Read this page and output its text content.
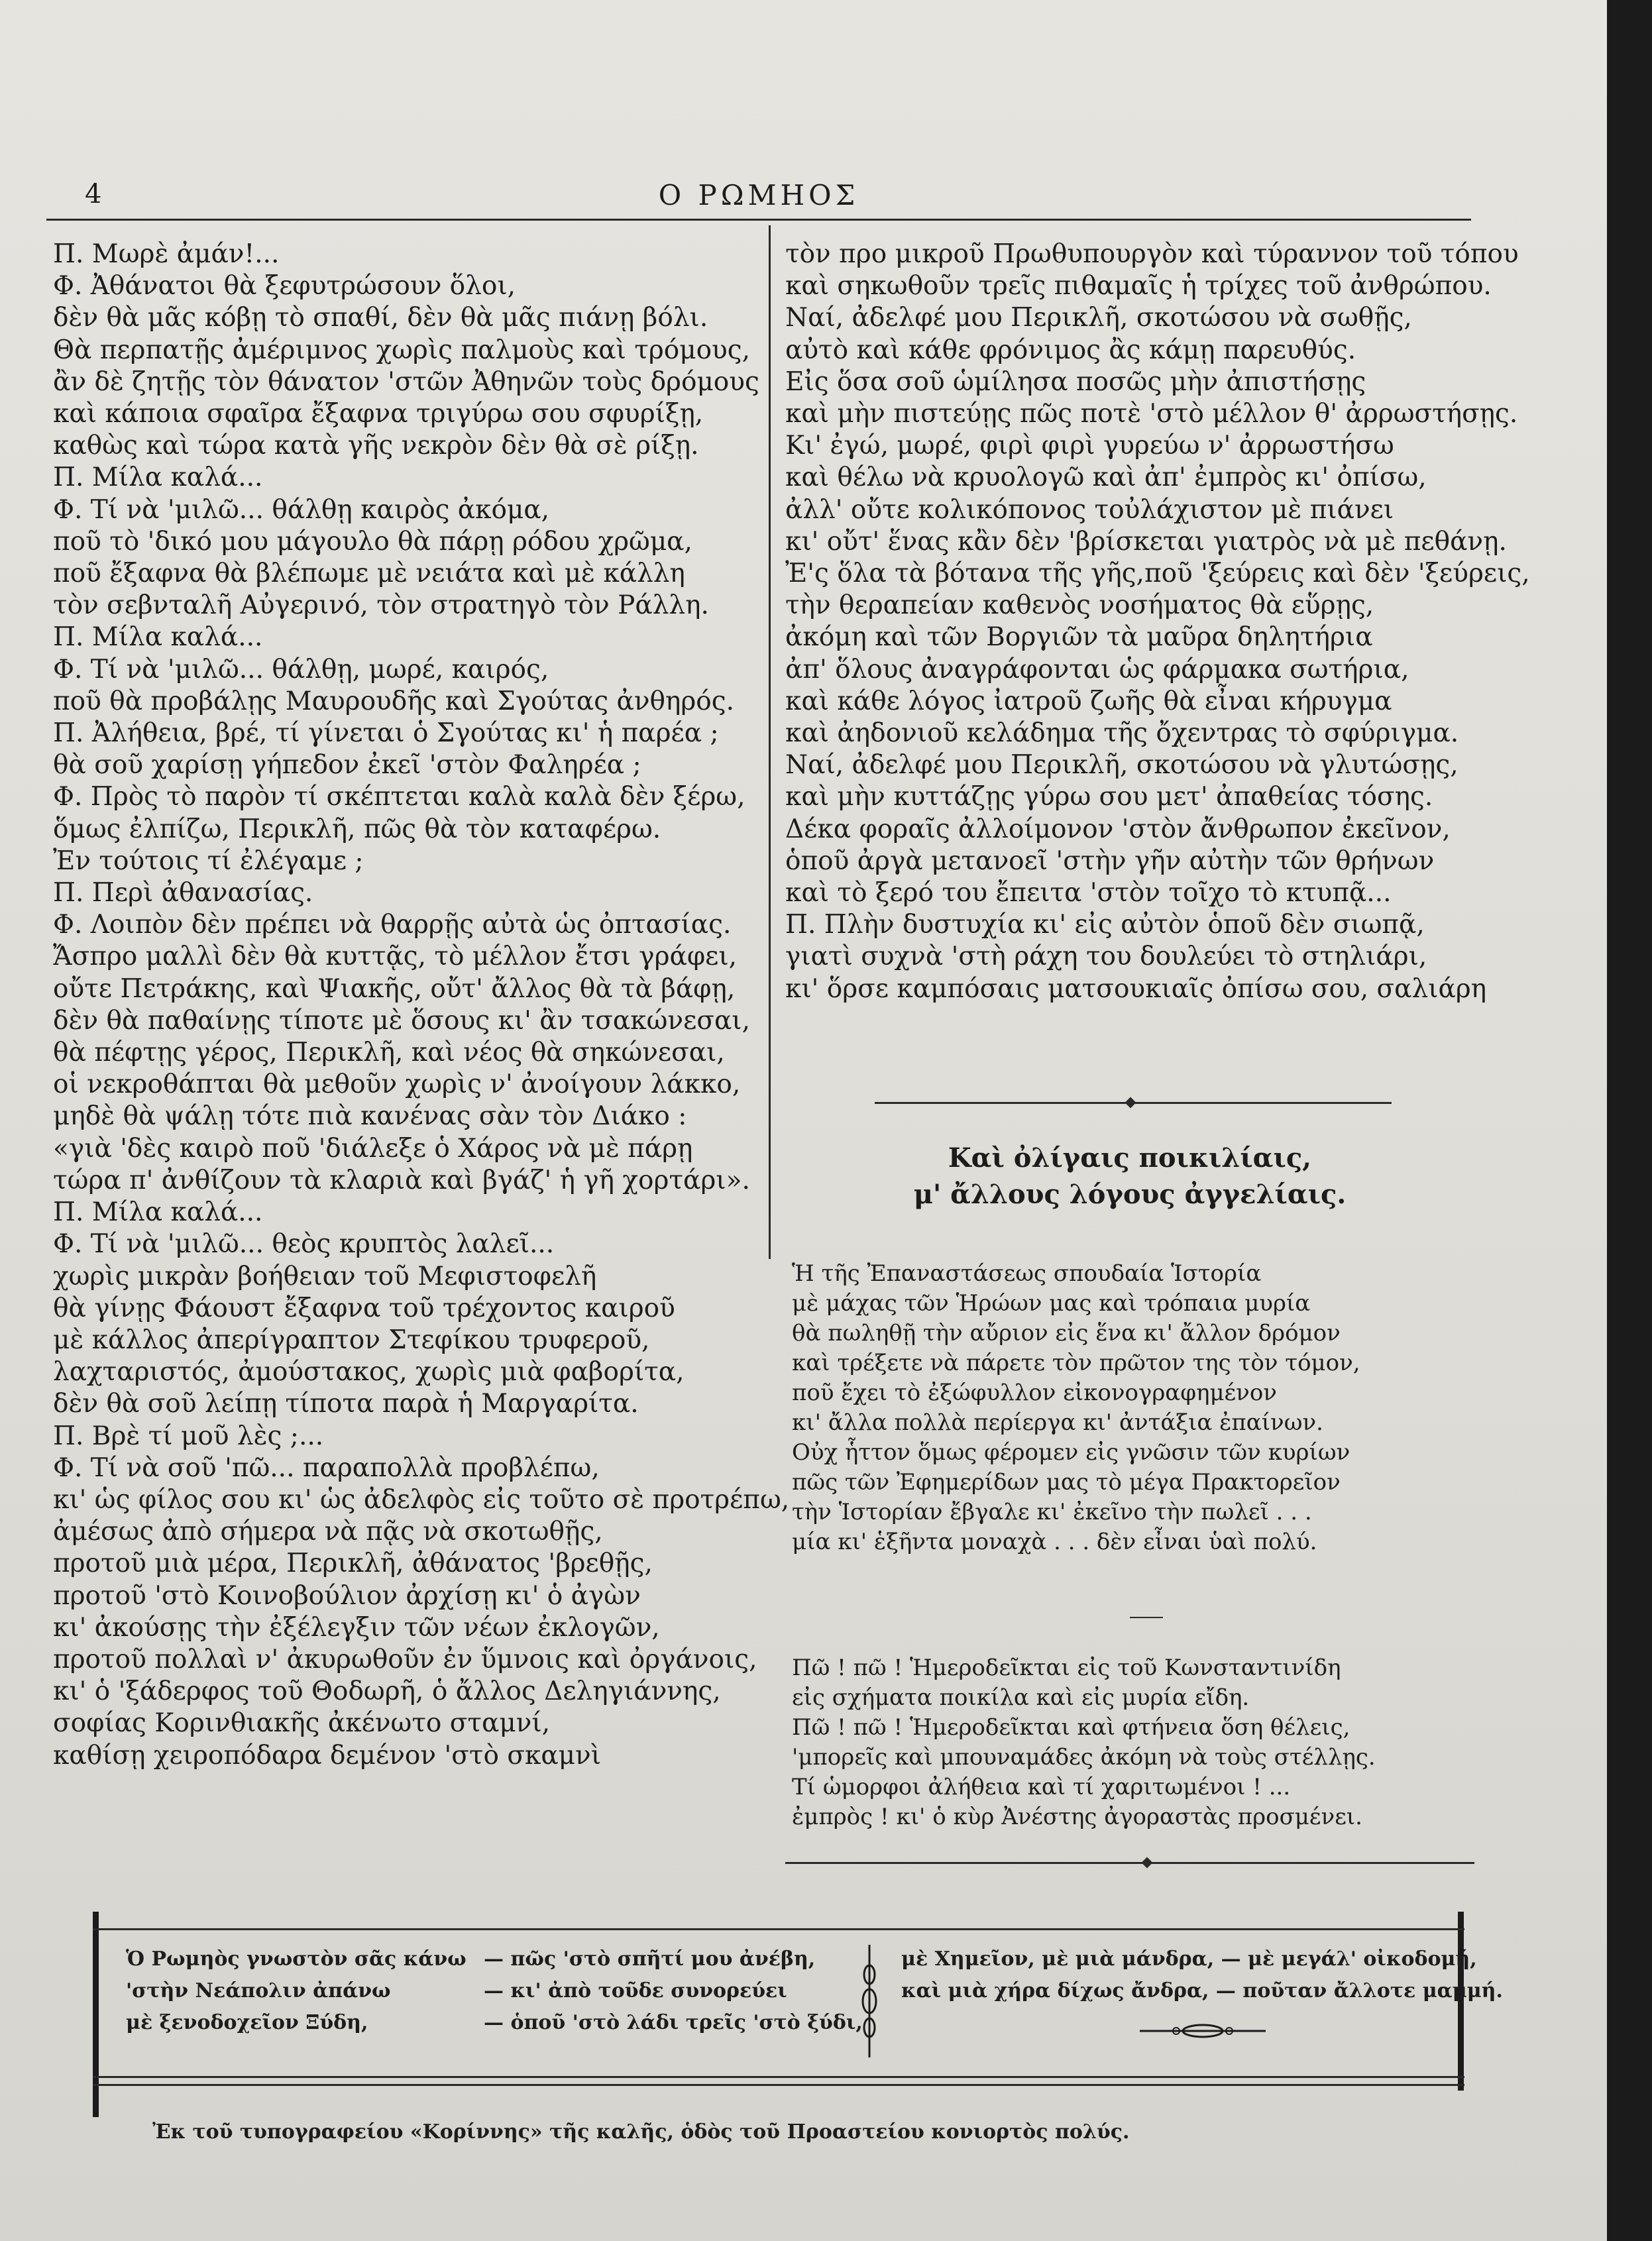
4	Ο ΡΩΜΗΟΣ
Π. Μωρὲ ἀμάν!...
Φ. Ἀθάνατοι θὰ ξεφυτρώσουν ὅλοι,
δὲν θὰ μᾶς κόβῃ τὸ σπαθί, δὲν θὰ μᾶς πιάνῃ βόλι.
Θὰ περπατῇς ἀμέριμνος χωρὶς παλμοὺς καὶ τρόμους,
ἂν δὲ ζητῇς τὸν θάνατον 'στῶν Ἀθηνῶν τοὺς δρόμους
καὶ κάποια σφαῖρα ἔξαφνα τριγύρω σου σφυρίξῃ,
καθὼς καὶ τώρα κατὰ γῆς νεκρὸν δὲν θὰ σὲ ρίξῃ.
Π. Μίλα καλά...
Φ. Τί νὰ 'μιλῶ... θάλθῃ καιρὸς ἀκόμα,
ποῦ τὸ 'δικό μου μάγουλο θὰ πάρῃ ρόδου χρῶμα,
ποῦ ἔξαφνα θὰ βλέπωμε μὲ νειάτα καὶ μὲ κάλλη
τὸν σεβνταλῆ Αὐγερινό, τὸν στρατηγὸ τὸν Ράλλη.
Π. Μίλα καλά...
Φ. Τί νὰ 'μιλῶ... θάλθῃ, μωρέ, καιρός,
ποῦ θὰ προβάλῃς Μαυρουδῆς καὶ Σγούτας ἀνθηρός.
Π. Ἀλήθεια, βρέ, τί γίνεται ὁ Σγούτας κι' ἡ παρέα ;
θὰ σοῦ χαρίσῃ γήπεδον ἐκεῖ 'στὸν Φαληρέα ;
Φ. Πρὸς τὸ παρὸν τί σκέπτεται καλὰ καλὰ δὲν ξέρω,
ὅμως ἐλπίζω, Περικλῆ, πῶς θὰ τὸν καταφέρω.
Ἐν τούτοις τί ἐλέγαμε ;
Π. Περὶ ἀθανασίας.
Φ. Λοιπὸν δὲν πρέπει νὰ θαρρῇς αὐτὰ ὡς ὀπτασίας.
Ἄσπρο μαλλὶ δὲν θὰ κυττᾷς, τὸ μέλλον ἔτσι γράφει,
οὔτε Πετράκης, καὶ Ψιακῆς, οὔτ' ἄλλος θὰ τὰ βάφῃ,
δὲν θὰ παθαίνῃς τίποτε μὲ ὅσους κι' ἂν τσακώνεσαι,
θὰ πέφτῃς γέρος, Περικλῆ, καὶ νέος θὰ σηκώνεσαι,
οἱ νεκροθάπται θὰ μεθοῦν χωρὶς ν' ἀνοίγουν λάκκο,
μηδὲ θὰ ψάλῃ τότε πιὰ κανένας σὰν τὸν Διάκο :
«γιὰ 'δὲς καιρὸ ποῦ 'διάλεξε ὁ Χάρος νὰ μὲ πάρῃ
τώρα π' ἀνθίζουν τὰ κλαριὰ καὶ βγάζ' ἡ γῆ χορτάρι».
Π. Μίλα καλά...
Φ. Τί νὰ 'μιλῶ... θεὸς κρυπτὸς λαλεῖ...
χωρὶς μικρὰν βοήθειαν τοῦ Μεφιστοφελῆ
θὰ γίνῃς Φάουστ ἔξαφνα τοῦ τρέχοντος καιροῦ
μὲ κάλλος ἀπερίγραπτον Στεφίκου τρυφεροῦ,
λαχταριστός, ἀμούστακος, χωρὶς μιὰ φαβορίτα,
δὲν θὰ σοῦ λείπῃ τίποτα παρὰ ἡ Μαργαρίτα.
Π. Βρὲ τί μοῦ λὲς ;...
Φ. Τί νὰ σοῦ 'πῶ... παραπολλὰ προβλέπω,
κι' ὡς φίλος σου κι' ὡς ἀδελφὸς εἰς τοῦτο σὲ προτρέπω,
ἀμέσως ἀπὸ σήμερα νὰ πᾷς νὰ σκοτωθῇς,
προτοῦ μιὰ μέρα, Περικλῆ, ἀθάνατος 'βρεθῇς,
προτοῦ 'στὸ Κοινοβούλιον ἀρχίσῃ κι' ὁ ἀγὼν
κι' ἀκούσῃς τὴν ἐξέλεγξιν τῶν νέων ἐκλογῶν,
προτοῦ πολλαὶ ν' ἀκυρωθοῦν ἐν ὕμνοις καὶ ὀργάνοις,
κι' ὁ 'ξάδερφος τοῦ Θοδωρῆ, ὁ ἄλλος Δεληγιάννης,
σοφίας Κορινθιακῆς ἀκένωτο σταμνί,
καθίσῃ χειροπόδαρα δεμένον 'στὸ σκαμνὶ
τὸν προ μικροῦ Πρωθυπουργὸν καὶ τύραννον τοῦ τόπου
καὶ σηκωθοῦν τρεῖς πιθαμαῖς ἡ τρίχες τοῦ ἀνθρώπου.
Ναί, ἀδελφέ μου Περικλῆ, σκοτώσου νὰ σωθῇς,
αὐτὸ καὶ κάθε φρόνιμος ἂς κάμῃ παρευθύς.
Εἰς ὅσα σοῦ ὡμίλησα ποσῶς μὴν ἀπιστήσῃς
καὶ μὴν πιστεύῃς πῶς ποτὲ 'στὸ μέλλον θ' ἀρρωστήσῃς.
Κι' ἐγώ, μωρέ, φιρὶ φιρὶ γυρεύω ν' ἀρρωστήσω
καὶ θέλω νὰ κρυολογῶ καὶ ἀπ' ἐμπρὸς κι' ὀπίσω,
ἀλλ' οὔτε κολικόπονος τοὐλάχιστον μὲ πιάνει
κι' οὔτ' ἕνας κἂν δὲν 'βρίσκεται γιατρὸς νὰ μὲ πεθάνῃ.
Ἐ'ς ὅλα τὰ βότανα τῆς γῆς,ποῦ 'ξεύρεις καὶ δὲν 'ξεύρεις,
τὴν θεραπείαν καθενὸς νοσήματος θὰ εὕρῃς,
ἀκόμη καὶ τῶν Βοργιῶν τὰ μαῦρα δηλητήρια
ἀπ' ὅλους ἀναγράφονται ὡς φάρμακα σωτήρια,
καὶ κάθε λόγος ἰατροῦ ζωῆς θὰ εἶναι κήρυγμα
καὶ ἀηδονιοῦ κελάδημα τῆς ὄχεντρας τὸ σφύριγμα.
Ναί, ἀδελφέ μου Περικλῆ, σκοτώσου νὰ γλυτώσῃς,
καὶ μὴν κυττάζῃς γύρω σου μετ' ἀπαθείας τόσης.
Δέκα φοραῖς ἀλλοίμονον 'στὸν ἄνθρωπον ἐκεῖνον,
ὁποῦ ἀργὰ μετανοεῖ 'στὴν γῆν αὐτὴν τῶν θρήνων
καὶ τὸ ξερό του ἔπειτα 'στὸν τοῖχο τὸ κτυπᾷ...
Π. Πλὴν δυστυχία κι' εἰς αὐτὸν ὁποῦ δὲν σιωπᾷ,
γιατὶ συχνὰ 'στὴ ράχη του δουλεύει τὸ στηλιάρι,
κι' ὅρσε καμπόσαις ματσουκιαῖς ὀπίσω σου, σαλιάρη
Καὶ ὀλίγαις ποικιλίαις,
μ' ἄλλους λόγους ἀγγελίαις.
Ἡ τῆς Ἐπαναστάσεως σπουδαία Ἱστορία
μὲ μάχας τῶν Ἡρώων μας καὶ τρόπαια μυρία
θὰ πωληθῇ τὴν αὔριον εἰς ἕνα κι' ἄλλον δρόμον
καὶ τρέξετε νὰ πάρετε τὸν πρῶτον της τὸν τόμον,
ποῦ ἔχει τὸ ἐξώφυλλον εἰκονογραφημένον
κι' ἄλλα πολλὰ περίεργα κι' ἀντάξια ἐπαίνων.
Οὐχ ἧττον ὅμως φέρομεν εἰς γνῶσιν τῶν κυρίων
πῶς τῶν Ἐφημερίδων μας τὸ μέγα Πρακτορεῖον
τὴν Ἱστορίαν ἔβγαλε κι' ἐκεῖνο τὴν πωλεῖ . . .
μία κι' ἑξῆντα μοναχὰ . . . δὲν εἶναι ὑαὶ πολύ.
Πῶ ! πῶ ! Ἡμεροδεῖκται εἰς τοῦ Κωνσταντινίδη
εἰς σχήματα ποικίλα καὶ εἰς μυρία εἴδη.
Πῶ ! πῶ ! Ἡμεροδεῖκται καὶ φτήνεια ὅση θέλεις,
'μπορεῖς καὶ μπουναμάδες ἀκόμη νὰ τοὺς στέλλῃς.
Τί ὡμορφοι ἀλήθεια καὶ τί χαριτωμένοι ! ...
ἐμπρὸς ! κι' ὁ κὺρ Ἀνέστης ἀγοραστὰς προσμένει.
Ὁ Ρωμηὸς γνωστὸν σᾶς κάνω — πῶς 'στὸ σπῆτί μου ἀνέβη,
'στὴν Νεάπολιν ἀπάνω	— κι' ἀπὸ τοῦδε συνορεύει
μὲ ξενοδοχεῖον Ξύδη,	— ὁποῦ 'στὸ λάδι τρεῖς 'στὸ ξύδι,
μὲ Χημεῖον, μὲ μιὰ μάνδρα, — μὲ μεγάλ' οἰκοδομή,
καὶ μιὰ χήρα δίχως ἄνδρα, — ποῦταν ἄλλοτε μαμμή.
Ἐκ τοῦ τυπογραφείου «Κορίννης» τῆς καλῆς, ὁδὸς τοῦ Προαστείου κονιορτὸς πολύς.
